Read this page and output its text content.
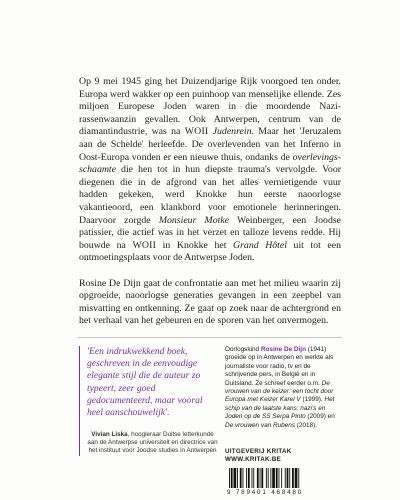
Op 9 mei 1945 ging het Duizendjarige Rijk voorgoed ten onder. Europa werd wakker op een puinhoop van menselijke ellende. Zes miljoen Europese Joden waren in die moordende Nazi-rassenwaanzin gevallen. Ook Antwerpen, centrum van de diamantindustrie, was na WOII Judenrein. Maar het 'Jeruzalem aan de Schelde' herleefde. De overlevenden van het Inferno in Oost-Europa vonden er een nieuwe thuis, ondanks de overlevings-schaamte die hen tot in hun diepste trauma's vervolgde. Voor diegenen die in de afgrond van het alles vernietigende vuur hadden gekeken, werd Knokke hun eerste naoorlogse vakantieoord, een klankbord voor emotionele herinneringen. Daarvoor zorgde Monsieur Motke Weinberger, een Joodse patissier, die actief was in het verzet en talloze levens redde. Hij bouwde na WOII in Knokke het Grand Hôtel uit tot een ontmoetingsplaats voor de Antwerpse Joden.

Rosine De Dijn gaat de confrontatie aan met het milieu waarin zij opgroeide, naoorlogse generaties gevangen in een zeepbel van misvatting en ontkenning. Ze gaat op zoek naar de achtergrond en het verhaal van het gebeuren en de sporen van het onvermogen.

'Een indrukwekkend boek, geschreven in de eenvoudige elegante stijl die de auteur zo typeert, zeer goed gedocumenteerd, maar vooral heel aanschouwelijk'.

Vivian Liska, hoogleraar Duitse letterkunde aan de Antwerpse universiteit en directrice van het instituut voor Joodse studies in Antwerpen

Oorlogskind Rosine De Dijn (1941) groeide op in Antwerpen en werkte als journaliste voor radio, tv en de schrijvende pers, in België en in Duitsland. Ze schreef eerder o.m. De vrouwen van de keizer: een tocht door Europa met Keizer Karel V (1999), Het schip van de laatste kans: nazi's en Joden op de SS Serpa Pinto (2009) en De vrouwen van Rubens (2018).

UITGEVERIJ KRITAK
WWW.KRITAK.BE
9 789401 468480
